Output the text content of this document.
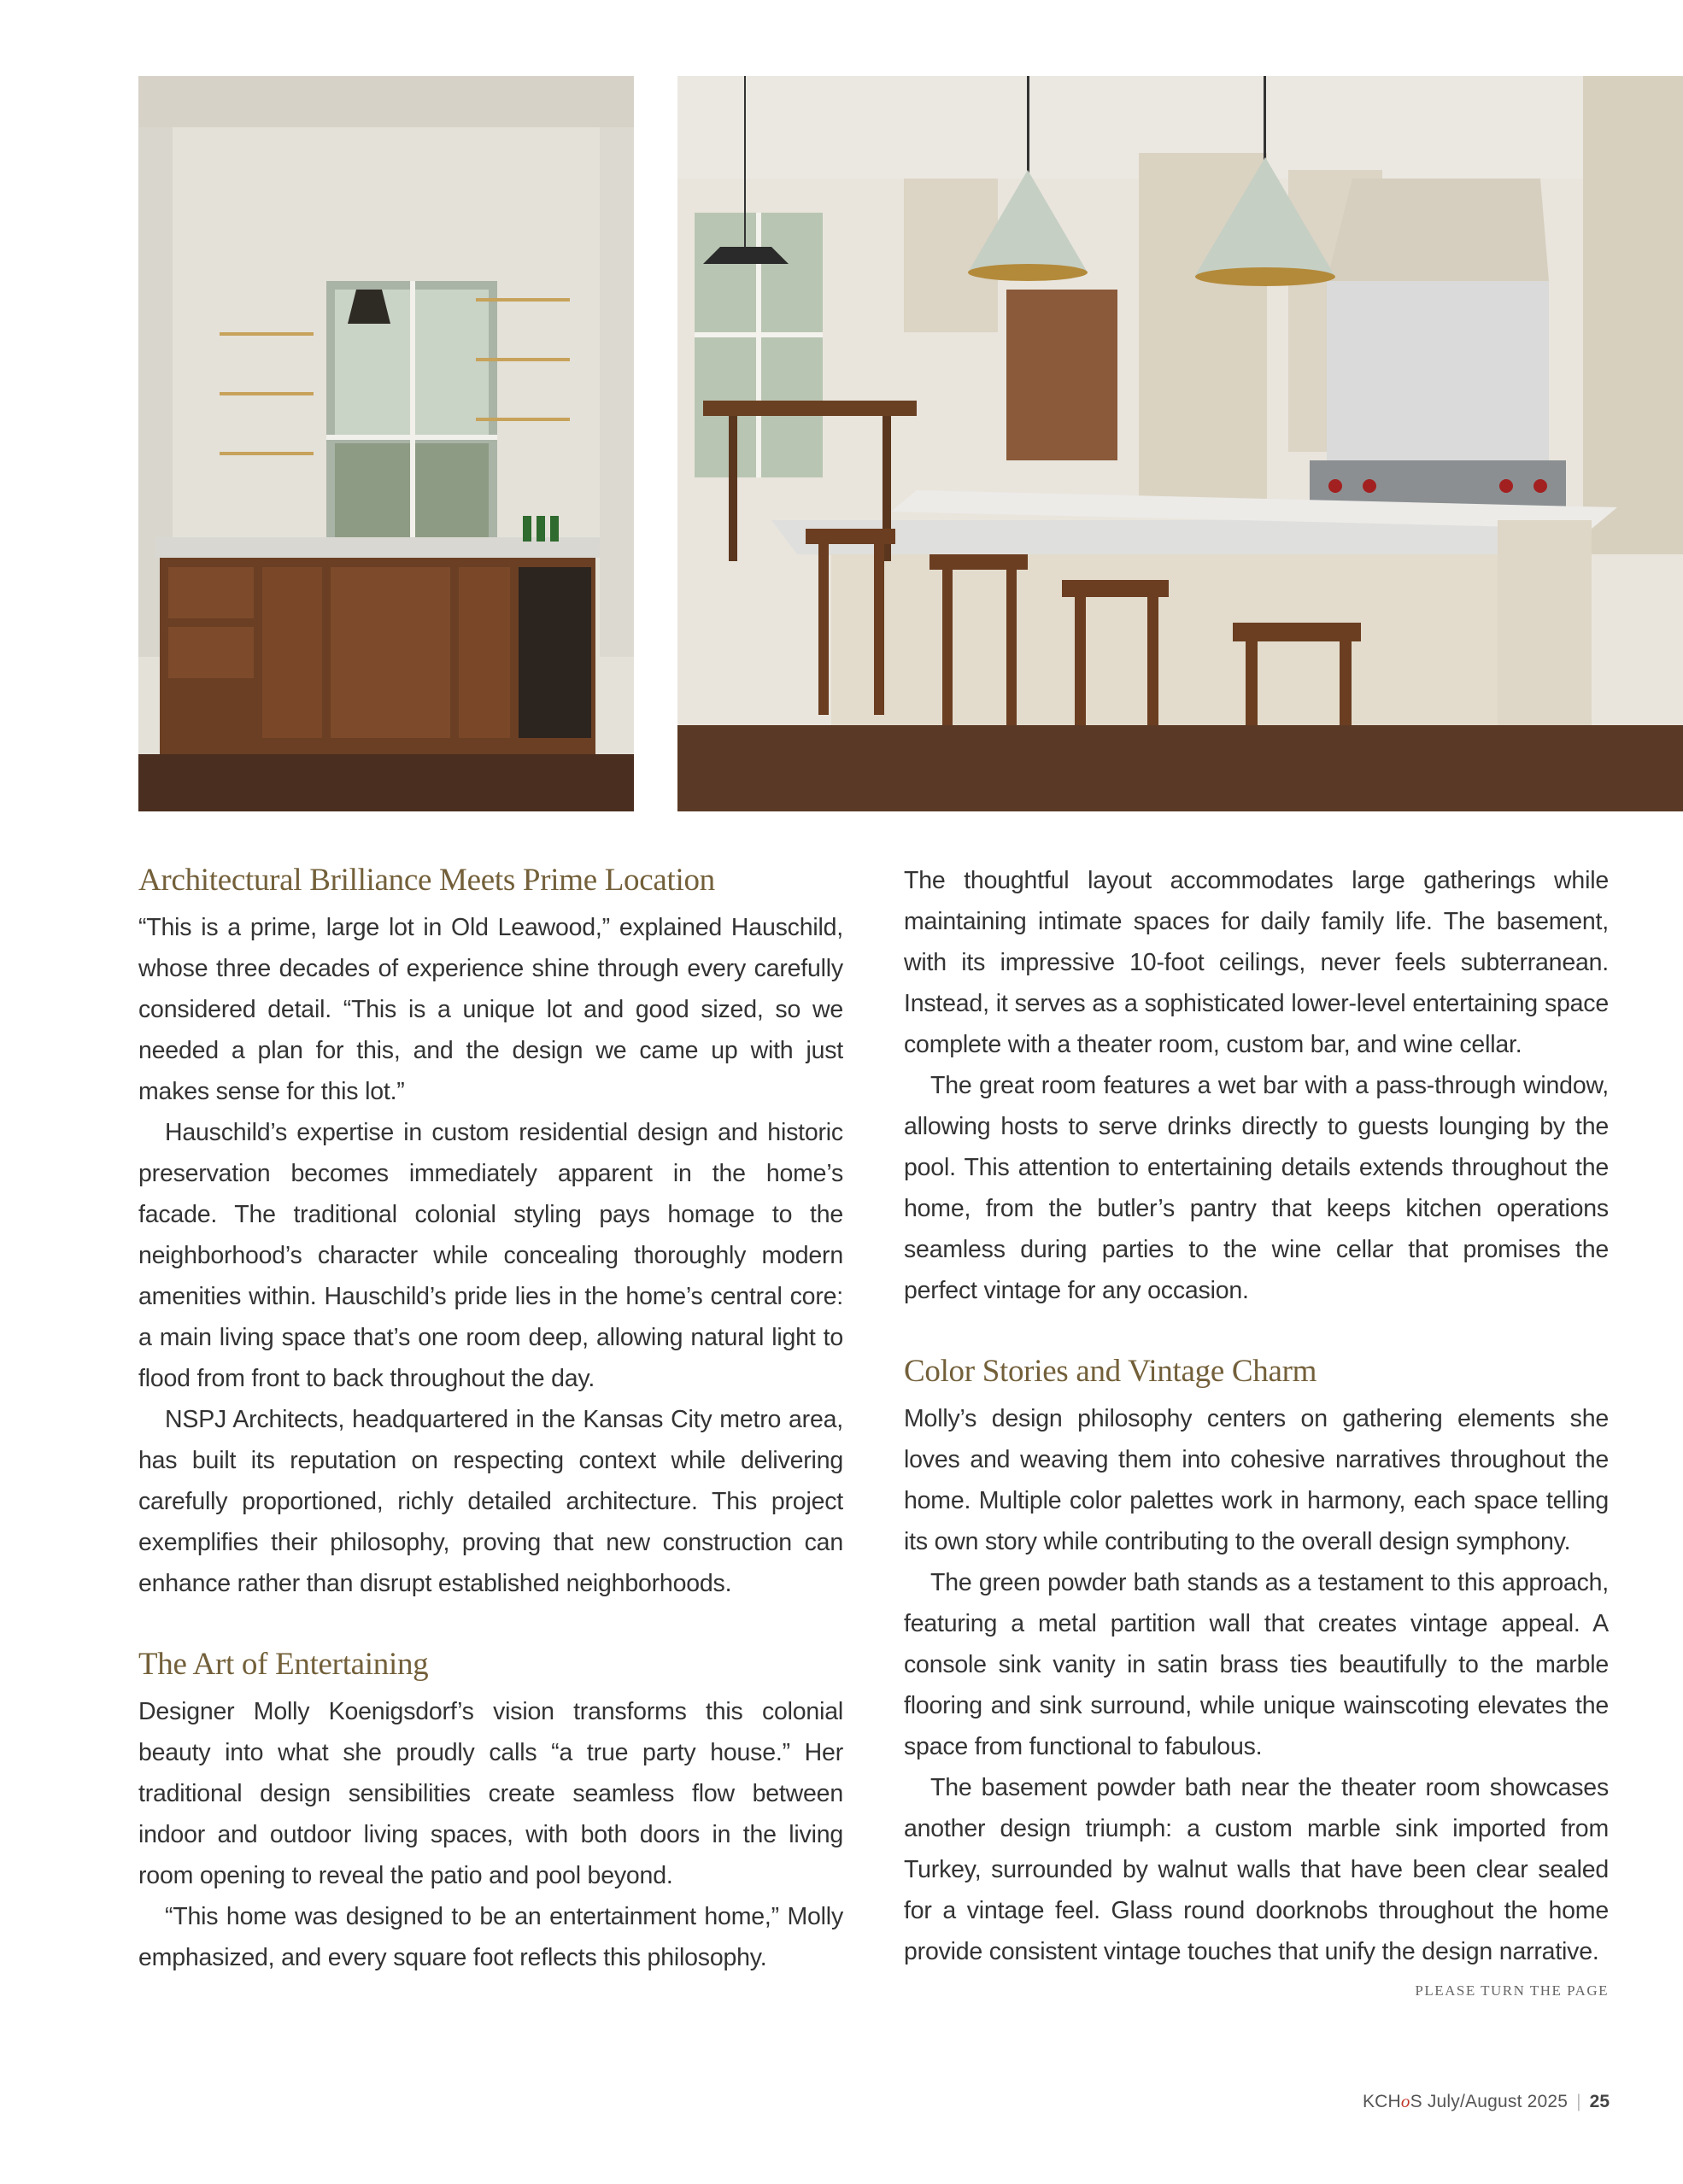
Architectural Brilliance Meets Prime Location

“This is a prime, large lot in Old Leawood,” explained Hauschild, whose three decades of experience shine through every carefully considered detail. “This is a unique lot and good sized, so we needed a plan for this, and the design we came up with just makes sense for this lot.”

Hauschild’s expertise in custom residential design and historic preservation becomes immediately apparent in the home’s facade. The traditional colonial styling pays homage to the neighborhood’s character while concealing thoroughly modern amenities within. Hauschild’s pride lies in the home’s central core: a main living space that’s one room deep, allowing natural light to flood from front to back throughout the day.

NSPJ Architects, headquartered in the Kansas City metro area, has built its reputation on respecting context while delivering carefully proportioned, richly detailed architecture. This project exemplifies their philosophy, proving that new construction can enhance rather than disrupt established neighborhoods.

The Art of Entertaining

Designer Molly Koenigsdorf’s vision transforms this colonial beauty into what she proudly calls “a true party house.” Her traditional design sensibilities create seamless flow between indoor and outdoor living spaces, with both doors in the living room opening to reveal the patio and pool beyond.

“This home was designed to be an entertainment home,” Molly emphasized, and every square foot reflects this philosophy.

The thoughtful layout accommodates large gatherings while maintaining intimate spaces for daily family life. The basement, with its impressive 10-foot ceilings, never feels subterranean. Instead, it serves as a sophisticated lower-level entertaining space complete with a theater room, custom bar, and wine cellar.

The great room features a wet bar with a pass-through window, allowing hosts to serve drinks directly to guests lounging by the pool. This attention to entertaining details extends throughout the home, from the butler’s pantry that keeps kitchen operations seamless during parties to the wine cellar that promises the perfect vintage for any occasion.

Color Stories and Vintage Charm

Molly’s design philosophy centers on gathering elements she loves and weaving them into cohesive narratives throughout the home. Multiple color palettes work in harmony, each space telling its own story while contributing to the overall design symphony.

The green powder bath stands as a testament to this approach, featuring a metal partition wall that creates vintage appeal. A console sink vanity in satin brass ties beautifully to the marble flooring and sink surround, while unique wainscoting elevates the space from functional to fabulous.

The basement powder bath near the theater room showcases another design triumph: a custom marble sink imported from Turkey, surrounded by walnut walls that have been clear sealed for a vintage feel. Glass round doorknobs throughout the home provide consistent vintage touches that unify the design narrative.

PLEASE TURN THE PAGE
KCHoS July/August 2025 | 25
